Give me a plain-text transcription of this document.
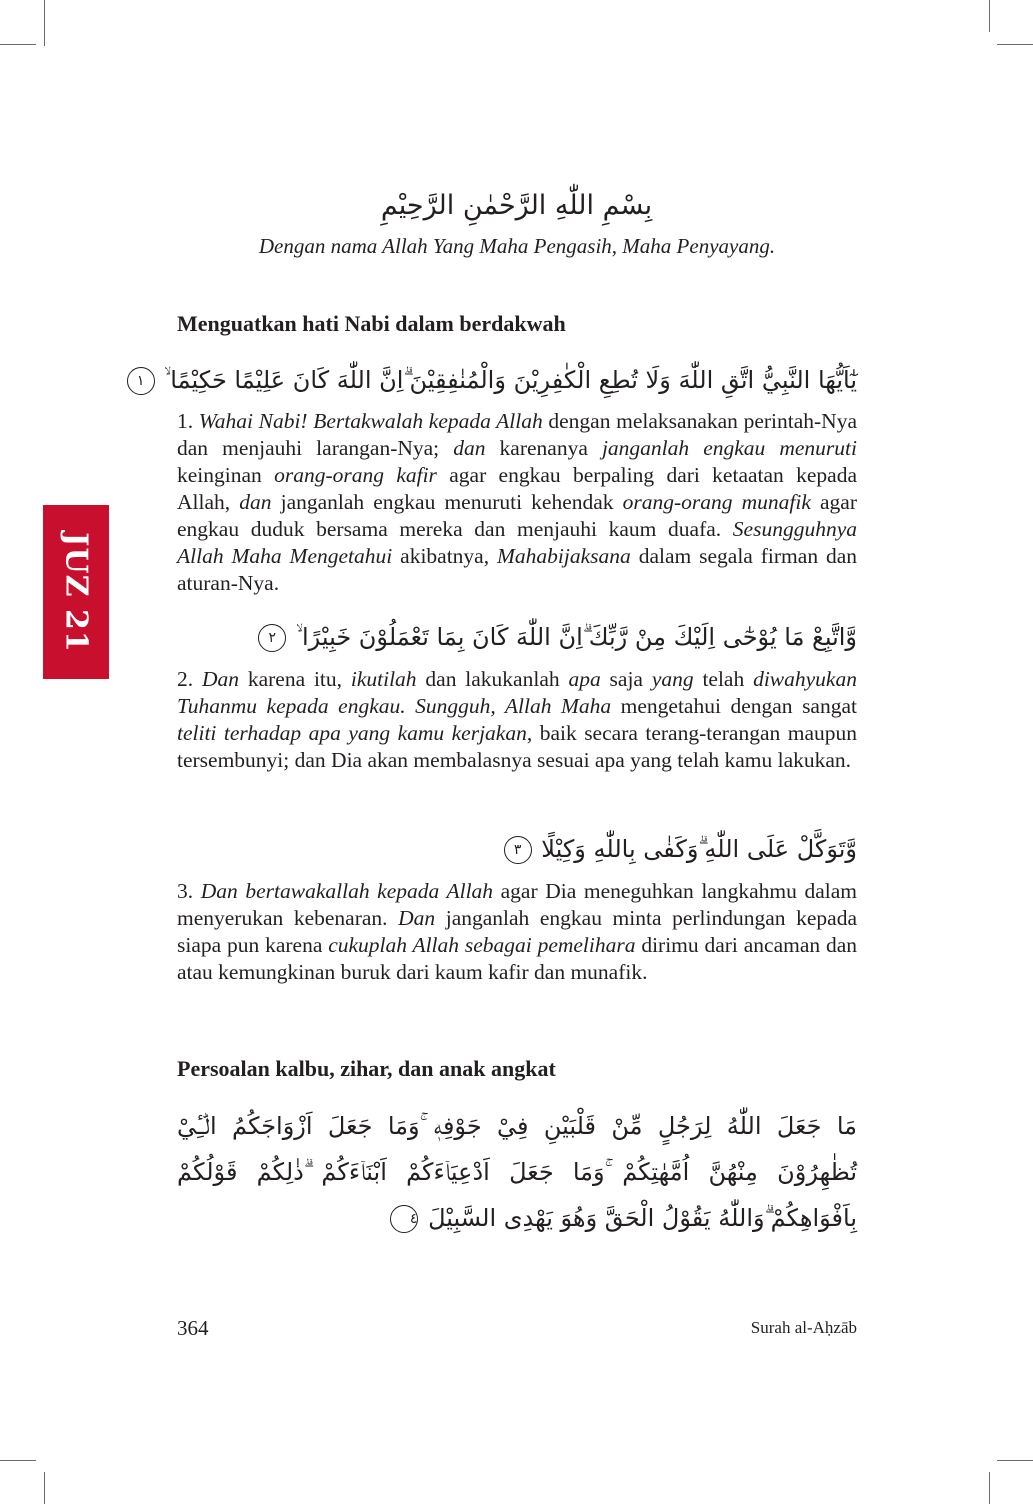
JUZ 21
بِسْمِ اللّٰهِ الرَّحْمٰنِ الرَّحِيْمِ
Dengan nama Allah Yang Maha Pengasih, Maha Penyayang.
Menguatkan hati Nabi dalam berdakwah
يٰٓاَيُّهَا النَّبِيُّ اتَّقِ اللّٰهَ وَلَا تُطِعِ الْكٰفِرِيْنَ وَالْمُنٰفِقِيْنَ ۗاِنَّ اللّٰهَ كَانَ عَلِيْمًا حَكِيْمًا ۙ ١

1. Wahai Nabi! Bertakwalah kepada Allah dengan melaksanakan perintah-Nya dan menjauhi larangan-Nya; dan karenanya janganlah engkau menuruti keinginan orang-orang kafir agar engkau berpaling dari ketaatan kepada Allah, dan janganlah engkau menuruti kehendak orang-orang munafik agar engkau duduk bersama mereka dan menjauhi kaum duafa. Sesungguhnya Allah Maha Mengetahui akibatnya, Mahabijaksana dalam segala firman dan aturan-Nya.

وَّاتَّبِعْ مَا يُوْحٰٓى اِلَيْكَ مِنْ رَّبِّكَ ۗاِنَّ اللّٰهَ كَانَ بِمَا تَعْمَلُوْنَ خَبِيْرًا ۙ ٢

2. Dan karena itu, ikutilah dan lakukanlah apa saja yang telah diwahyukan Tuhanmu kepada engkau. Sungguh, Allah Maha mengetahui dengan sangat teliti terhadap apa yang kamu kerjakan, baik secara terang-terangan maupun tersembunyi; dan Dia akan membalasnya sesuai apa yang telah kamu lakukan.

وَّتَوَكَّلْ عَلَى اللّٰهِ ۗوَكَفٰى بِاللّٰهِ وَكِيْلًا ٣

3. Dan bertawakallah kepada Allah agar Dia meneguhkan langkahmu dalam menyerukan kebenaran. Dan janganlah engkau minta perlindungan kepada siapa pun karena cukuplah Allah sebagai pemelihara dirimu dari ancaman dan atau kemungkinan buruk dari kaum kafir dan munafik.

Persoalan kalbu, zihar, dan anak angkat
مَا جَعَلَ اللّٰهُ لِرَجُلٍ مِّنْ قَلْبَيْنِ فِيْ جَوْفِهٖ ۚوَمَا جَعَلَ اَزْوَاجَكُمُ الّٰۤـِٔيْ تُظٰهِرُوْنَ مِنْهُنَّ اُمَّهٰتِكُمْ ۚوَمَا جَعَلَ اَدْعِيَاۤءَكُمْ اَبْنَاۤءَكُمْ ۗذٰلِكُمْ قَوْلُكُمْ بِاَفْوَاهِكُمْ ۗوَاللّٰهُ يَقُوْلُ الْحَقَّ وَهُوَ يَهْدِى السَّبِيْلَ ٤
364	Surah al-Aḥzāb
